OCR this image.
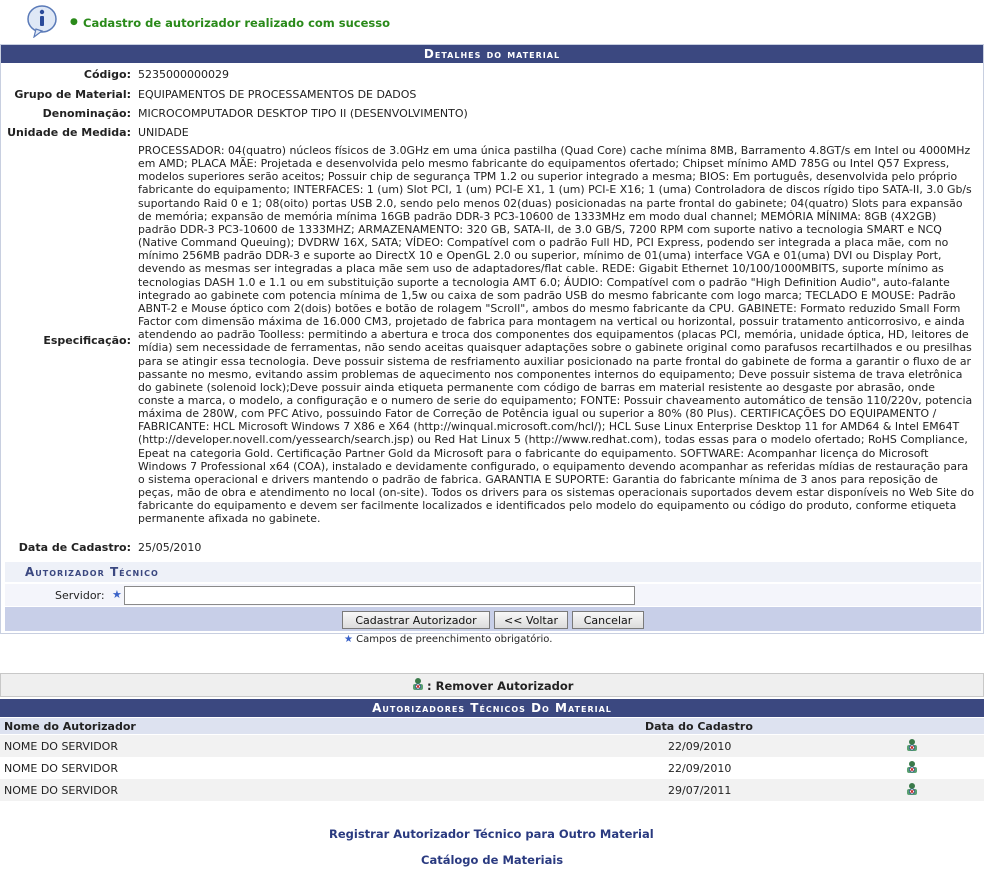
● Cadastro de autorizador realizado com sucesso
Detalhes do material
Código: 5235000000029
Grupo de Material: EQUIPAMENTOS DE PROCESSAMENTOS DE DADOS
Denominação: MICROCOMPUTADOR DESKTOP TIPO II (DESENVOLVIMENTO)
Unidade de Medida: UNIDADE
Especificação:
PROCESSADOR: 04(quatro) núcleos físicos de 3.0GHz em uma única pastilha (Quad Core) cache mínima 8MB, Barramento 4.8GT/s em Intel ou 4000MHz em AMD; PLACA MÃE: Projetada e desenvolvida pelo mesmo fabricante do equipamentos ofertado; Chipset mínimo AMD 785G ou Intel Q57 Express, modelos superiores serão aceitos; Possuir chip de segurança TPM 1.2 ou superior integrado a mesma; BIOS: Em português, desenvolvida pelo próprio fabricante do equipamento; INTERFACES: 1 (um) Slot PCI, 1 (um) PCI-E X1, 1 (um) PCI-E X16; 1 (uma) Controladora de discos rígido tipo SATA-II, 3.0 Gb/s suportando Raid 0 e 1; 08(oito) portas USB 2.0, sendo pelo menos 02(duas) posicionadas na parte frontal do gabinete; 04(quatro) Slots para expansão de memória; expansão de memória mínima 16GB padrão DDR-3 PC3-10600 de 1333MHz em modo dual channel; MEMÓRIA MÍNIMA: 8GB (4X2GB) padrão DDR-3 PC3-10600 de 1333MHZ; ARMAZENAMENTO: 320 GB, SATA-II, de 3.0 GB/S, 7200 RPM com suporte nativo a tecnologia SMART e NCQ (Native Command Queuing); DVDRW 16X, SATA; VÍDEO: Compatível com o padrão Full HD, PCI Express, podendo ser integrada a placa mãe, com no mínimo 256MB padrão DDR-3 e suporte ao DirectX 10 e OpenGL 2.0 ou superior, mínimo de 01(uma) interface VGA e 01(uma) DVI ou Display Port, devendo as mesmas ser integradas a placa mãe sem uso de adaptadores/flat cable. REDE: Gigabit Ethernet 10/100/1000MBITS, suporte mínimo as tecnologias DASH 1.0 e 1.1 ou em substituição suporte a tecnologia AMT 6.0; ÁUDIO: Compatível com o padrão "High Definition Audio", auto-falante integrado ao gabinete com potencia mínima de 1,5w ou caixa de som padrão USB do mesmo fabricante com logo marca; TECLADO E MOUSE: Padrão ABNT-2 e Mouse óptico com 2(dois) botões e botão de rolagem "Scroll", ambos do mesmo fabricante da CPU. GABINETE: Formato reduzido Small Form Factor com dimensão máxima de 16.000 CM3, projetado de fabrica para montagem na vertical ou horizontal, possuir tratamento anticorrosivo, e ainda atendendo ao padrão Toolless: permitindo a abertura e troca dos componentes dos equipamentos (placas PCI, memória, unidade óptica, HD, leitores de mídia) sem necessidade de ferramentas, não sendo aceitas quaisquer adaptações sobre o gabinete original como parafusos recartilhados e ou presilhas para se atingir essa tecnologia. Deve possuir sistema de resfriamento auxiliar posicionado na parte frontal do gabinete de forma a garantir o fluxo de ar passante no mesmo, evitando assim problemas de aquecimento nos componentes internos do equipamento; Deve possuir sistema de trava eletrônica do gabinete (solenoid lock);Deve possuir ainda etiqueta permanente com código de barras em material resistente ao desgaste por abrasão, onde conste a marca, o modelo, a configuração e o numero de serie do equipamento; FONTE: Possuir chaveamento automático de tensão 110/220v, potencia máxima de 280W, com PFC Ativo, possuindo Fator de Correção de Potência igual ou superior a 80% (80 Plus). CERTIFICAÇÕES DO EQUIPAMENTO / FABRICANTE: HCL Microsoft Windows 7 X86 e X64 (http://winqual.microsoft.com/hcl/); HCL Suse Linux Enterprise Desktop 11 for AMD64 & Intel EM64T (http://developer.novell.com/yessearch/search.jsp) ou Red Hat Linux 5 (http://www.redhat.com), todas essas para o modelo ofertado; RoHS Compliance, Epeat na categoria Gold. Certificação Partner Gold da Microsoft para o fabricante do equipamento. SOFTWARE: Acompanhar licença do Microsoft Windows 7 Professional x64 (COA), instalado e devidamente configurado, o equipamento devendo acompanhar as referidas mídias de restauração para o sistema operacional e drivers mantendo o padrão de fabrica. GARANTIA E SUPORTE: Garantia do fabricante mínima de 3 anos para reposição de peças, mão de obra e atendimento no local (on-site). Todos os drivers para os sistemas operacionais suportados devem estar disponíveis no Web Site do fabricante do equipamento e devem ser facilmente localizados e identificados pelo modelo do equipamento ou código do produto, conforme etiqueta permanente afixada no gabinete.
Data de Cadastro: 25/05/2010
Autorizador Técnico
Servidor: ★
Cadastrar Autorizador	<< Voltar	Cancelar
★ Campos de preenchimento obrigatório.
: Remover Autorizador
Autorizadores Técnicos Do Material
Nome do Autorizador	Data do Cadastro
NOME DO SERVIDOR	22/09/2010
NOME DO SERVIDOR	22/09/2010
NOME DO SERVIDOR	29/07/2011
Registrar Autorizador Técnico para Outro Material
Catálogo de Materiais
